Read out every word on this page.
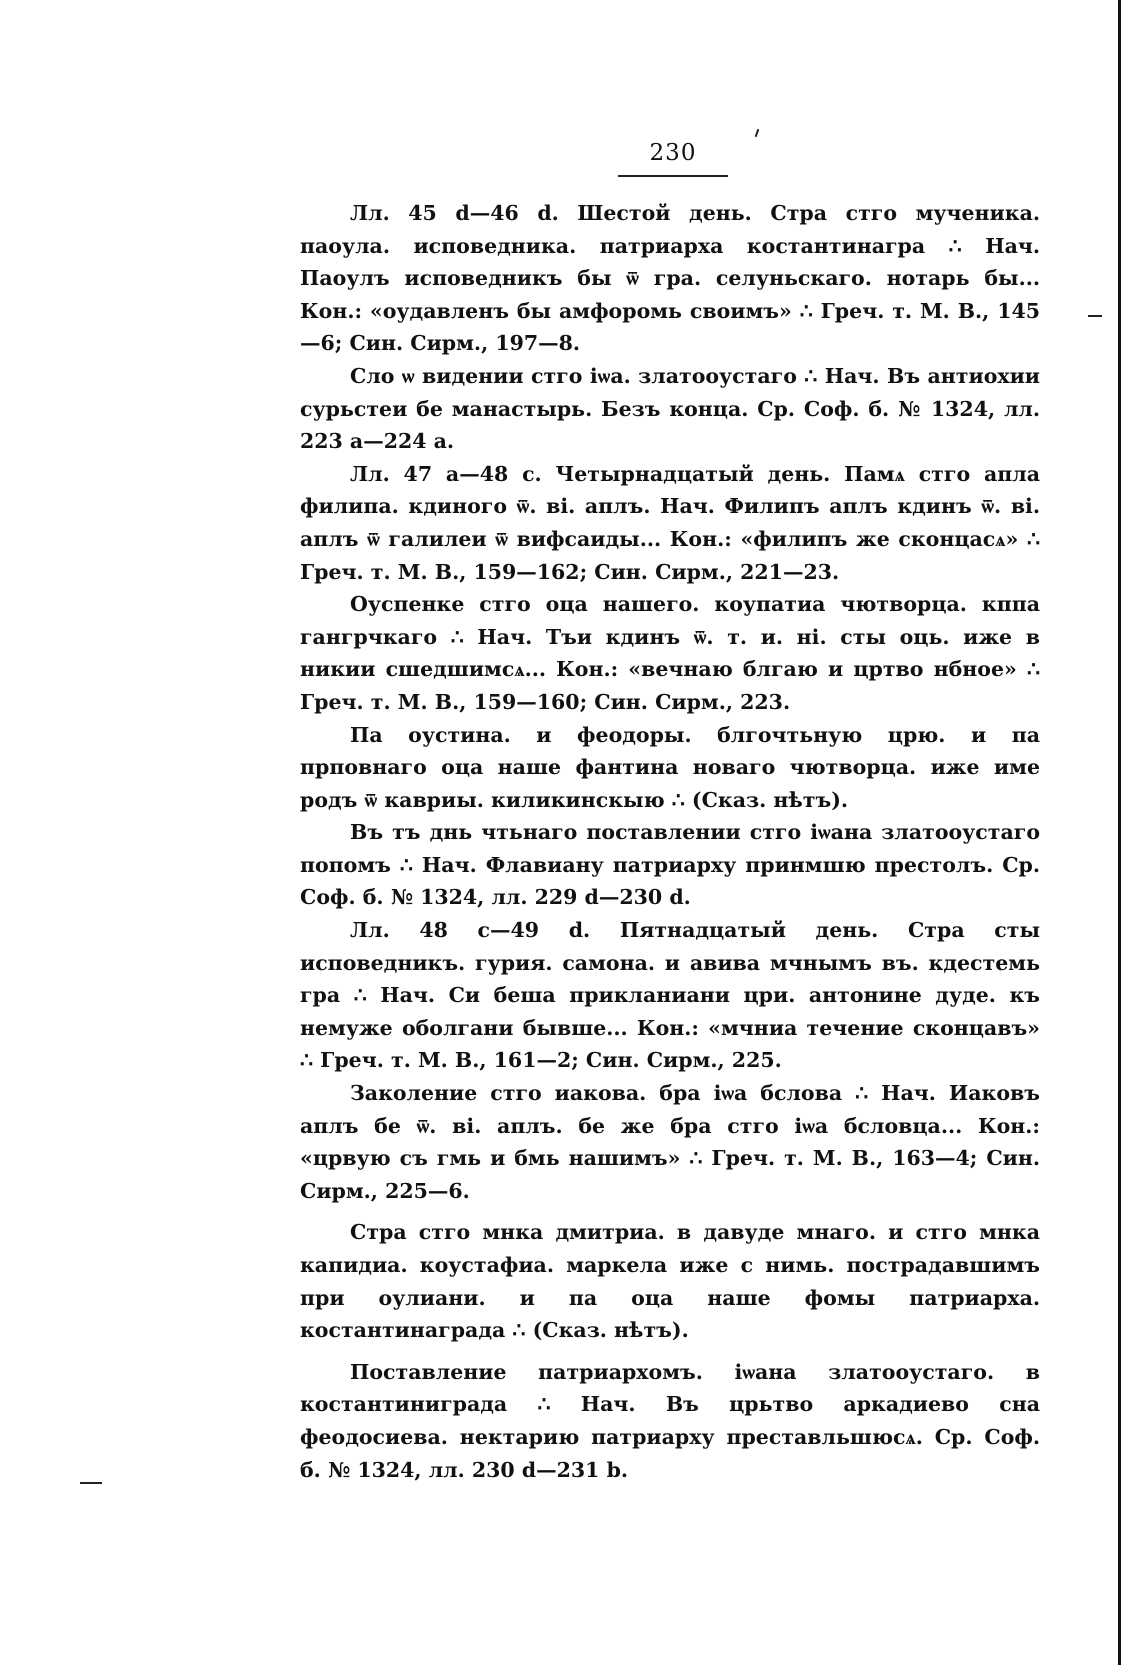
230

Лл. 45 d—46 d. Шестой день. Стра стго мученика. паоула. исповедника. патриарха костантинагра ∴ Нач. Паоулъ исповедникъ бы ѿ гра. селуньскаго. нотарь бы... Кон.: «оудавленъ бы амфоромь своимъ» ∴ Греч. т. М. В., 145—6; Син. Сирм., 197—8.

Сло ѡ видении стго іѡа. златооустаго ∴ Нач. Въ антиохии сурьстеи бе манастырь. Безъ конца. Ср. Соф. б. № 1324, лл. 223 a—224 a.

Лл. 47 a—48 c. Четырнадцатый день. Памѧ стго апла филипа. кдиного ѿ. ві. аплъ. Нач. Филипъ аплъ кдинъ ѿ. ві. аплъ ѿ галилеи ѿ вифсаиды... Кон.: «филипъ же сконцасѧ» ∴ Греч. т. М. В., 159—162; Син. Сирм., 221—23.

Оуспенке стго оца нашего. коупатиа чютворца. кппа гангрчкаго ∴ Нач. Тъи кдинъ ѿ. т. и. ні. сты оць. иже в никии сшедшимсѧ... Кон.: «вечнаю блгаю и цртво нбное» ∴ Греч. т. М. В., 159—160; Син. Сирм., 223.

Па оустина. и феодоры. блгочтьную црю. и па прповнаго оца наше фантина новаго чютворца. иже име родъ ѿ кавриы. киликинскыю ∴ (Сказ. нѣтъ).

Въ тъ днь чтьнаго поставлении стго іѡана златооустаго попомъ ∴ Нач. Флавиану патриарху принмшю престолъ. Ср. Соф. б. № 1324, лл. 229 d—230 d.

Лл. 48 c—49 d. Пятнадцатый день. Стра сты исповедникъ. гурия. самона. и авива мчнымъ въ. кдестемь гра ∴ Нач. Си беша прикланиани цри. антонине дуде. къ немуже оболгани бывше... Кон.: «мчниа течение сконцавъ» ∴ Греч. т. М. В., 161—2; Син. Сирм., 225.

Заколение стго иакова. бра іѡа бслова ∴ Нач. Иаковъ аплъ бе ѿ. ві. аплъ. бе же бра стго іѡа бсловца... Кон.: «црвую съ гмь и бмь нашимъ» ∴ Греч. т. М. В., 163—4; Син. Сирм., 225—6.

Стра стго мнка дмитриа. в давуде мнаго. и стго мнка капидиа. коустафиа. маркела иже с нимь. пострадавшимъ при оулиани. и па оца наше фомы патриарха. костантинаграда ∴ (Сказ. нѣтъ).

Поставление патриархомъ. іѡана златооустаго. в костантиниграда ∴ Нач. Въ црьтво аркадиево сна феодосиева. нектарию патриарху преставльшюсѧ. Ср. Соф. б. № 1324, лл. 230 d—231 b.
